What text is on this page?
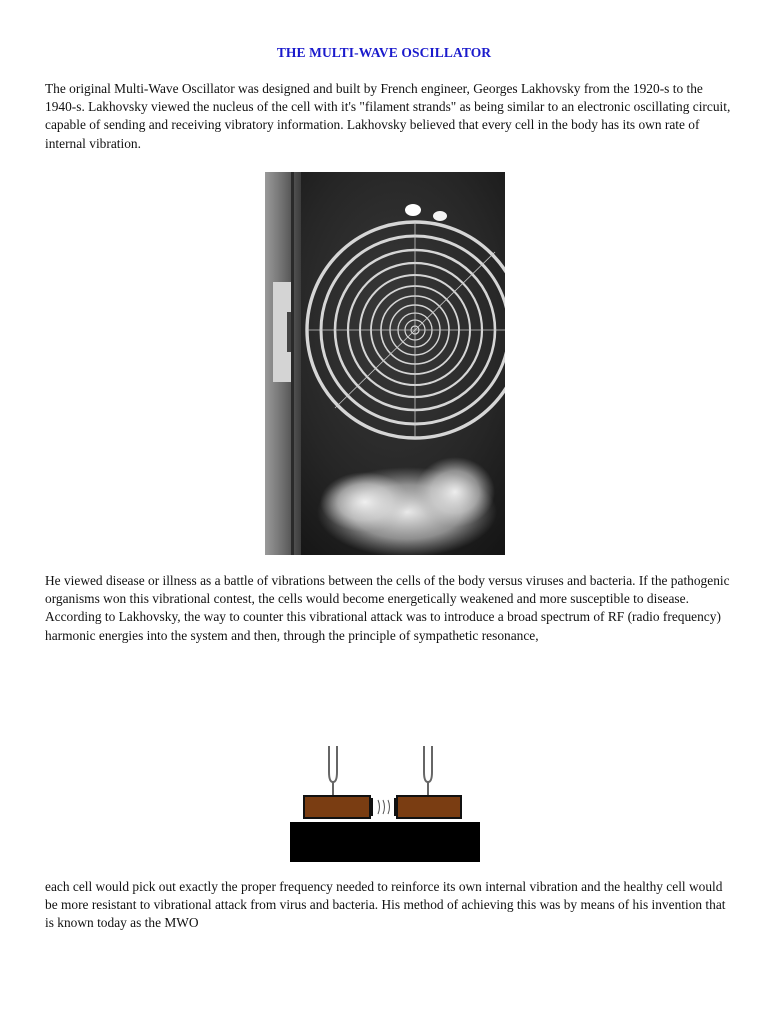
THE MULTI-WAVE OSCILLATOR

The original Multi-Wave Oscillator was designed and built by French engineer, Georges Lakhovsky from the 1920-s to the 1940-s. Lakhovsky viewed the nucleus of the cell with it's "filament strands" as being similar to an electronic oscillating circuit, capable of sending and receiving vibratory information. Lakhovsky believed that every cell in the body has its own rate of internal vibration.

He viewed disease or illness as a battle of vibrations between the cells of the body versus viruses and bacteria. If the pathogenic organisms won this vibrational contest, the cells would become energetically weakened and more susceptible to disease. According to Lakhovsky, the way to counter this vibrational attack was to introduce a broad spectrum of RF (radio frequency) harmonic energies into the system and then, through the principle of sympathetic resonance,

each cell would pick out exactly the proper frequency needed to reinforce its own internal vibration and the healthy cell would be more resistant to vibrational attack from virus and bacteria. His method of achieving this was by means of his invention that is known today as the MWO
